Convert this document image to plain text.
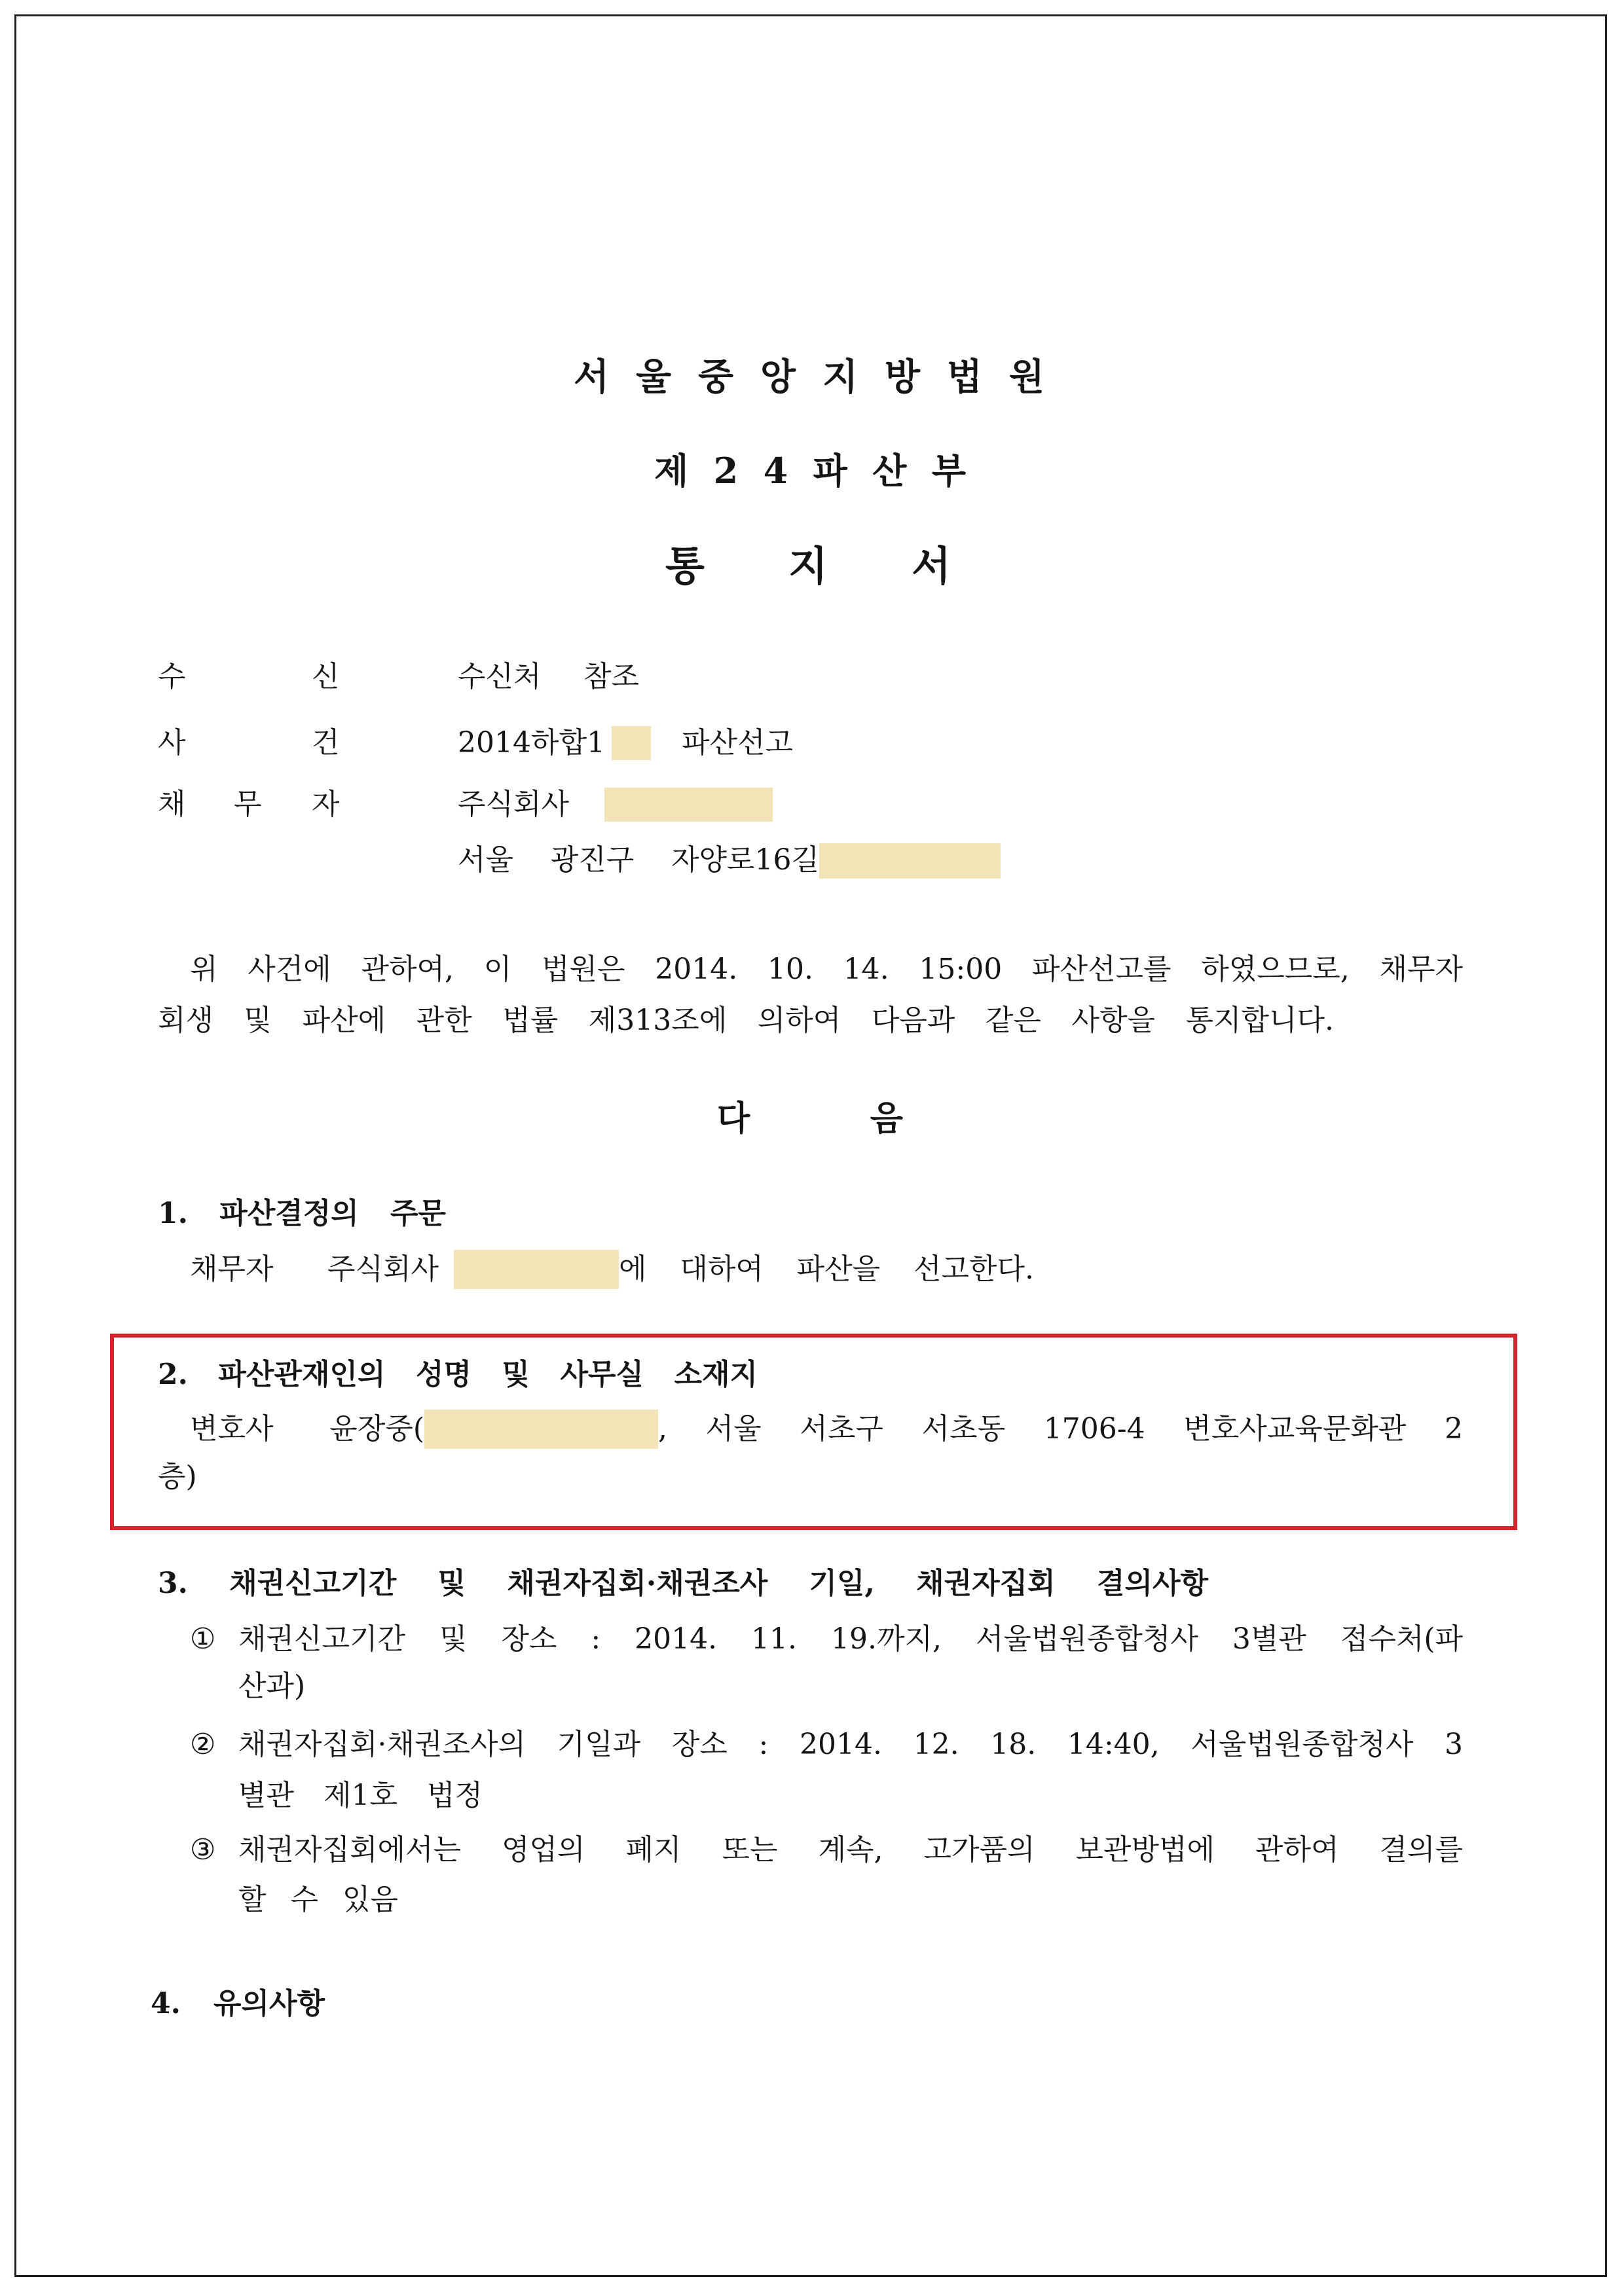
서 울 중 앙 지 방 법 원
제 2 4 파 산 부
통 지 서
수	신	수신처 참조
사	건	2014하합1	파산선고
채 무 자	주식회사
서울 광진구 자양로16길
위 사건에 관하여, 이 법원은 2014. 10. 14. 15:00 파산선고를 하였으므로, 채무자
회생 및 파산에 관한 법률 제313조에 의하여 다음과 같은 사항을 통지합니다.
다 음
1. 파산결정의 주문
채무자 주식회사	에 대하여 파산을 선고한다.
2. 파산관재인의 성명 및 사무실 소재지
변호사 윤장중(	, 서울 서초구 서초동 1706-4 변호사교육문화관 2
층)
3. 채권신고기간 및 채권자집회·채권조사 기일, 채권자집회 결의사항
① 채권신고기간 및 장소 : 2014. 11. 19.까지, 서울법원종합청사 3별관 접수처(파
산과)
② 채권자집회·채권조사의 기일과 장소 : 2014. 12. 18. 14:40, 서울법원종합청사 3
별관 제1호 법정
③ 채권자집회에서는 영업의 폐지 또는 계속, 고가품의 보관방법에 관하여 결의를
할 수 있음
4. 유의사항
